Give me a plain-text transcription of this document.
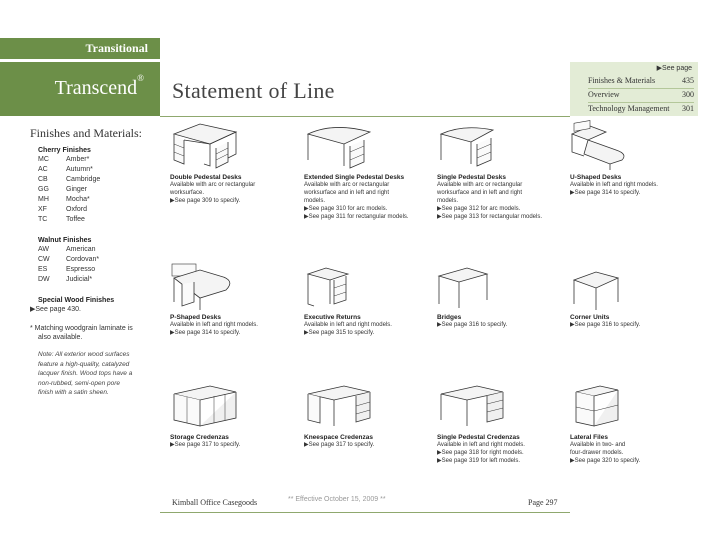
Transitional
Transcend® Statement of Line
▶See page
Finishes & Materials	435
Overview	300
Technology Management 301
Finishes and Materials:
Cherry Finishes
MC Amber*
AC	Autumn*
CB	Cambridge
GG Ginger
MH Mocha*
XF	Oxford
TC	Toffee
Walnut Finishes
AW American
CW Cordovan*
ES	Espresso
DW Judicial*
Special Wood Finishes
▶See page 430.
* Matching woodgrain laminate is
also available.
Note: All exterior wood surfaces
feature a high-quality, catalyzed
lacquer finish. Wood tops have a
non-rubbed, semi-open pore
finish with a satin sheen.
Double Pedestal Desks
Available with arc or rectangular
worksurface.
▶See page 309 to specify.
Extended Single Pedestal Desks
Available with arc or rectangular
worksurface and in left and right
models.
▶See page 310 for arc models.
▶See page 311 for rectangular models.
Single Pedestal Desks
Available with arc or rectangular
worksurface and in left and right
models.
▶See page 312 for arc models.
▶See page 313 for rectangular models.
U-Shaped Desks
Available in left and right models.
▶See page 314 to specify.
P-Shaped Desks
Available in left and right models.
▶See page 314 to specify.
Executive Returns
Available in left and right models.
▶See page 315 to specify.
Bridges
▶See page 316 to specify.
Corner Units
▶See page 316 to specify.
Storage Credenzas
▶See page 317 to specify.
Kneespace Credenzas
▶See page 317 to specify.
Single Pedestal Credenzas
Available in left and right models.
▶See page 318 for right models.
▶See page 319 for left models.
Lateral Files
Available in two- and
four-drawer models.
▶See page 320 to specify.
Kimball Office Casegoods	** Effective October 15, 2009 **	Page 297
